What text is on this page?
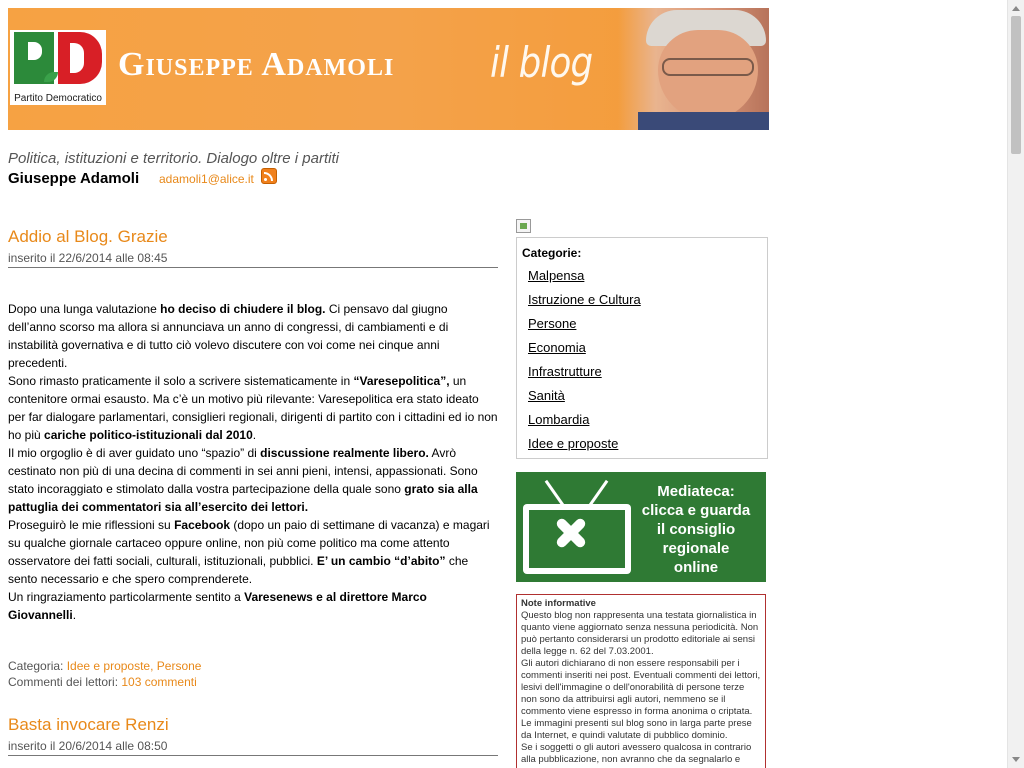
Partito Democratico
Giuseppe Adamoli il blog
Politica, istituzioni e territorio. Dialogo oltre i partiti
Giuseppe Adamoli adamoli1@alice.it
Addio al Blog. Grazie
inserito il 22/6/2014 alle 08:45
Dopo una lunga valutazione ho deciso di chiudere il blog. Ci pensavo dal giugno dell’anno scorso ma allora si annunciava un anno di congressi, di cambiamenti e di instabilità governativa e di tutto ciò volevo discutere con voi come nei cinque anni precedenti.
Sono rimasto praticamente il solo a scrivere sistematicamente in “Varesepolitica”, un contenitore ormai esausto. Ma c’è un motivo più rilevante: Varesepolitica era stato ideato per far dialogare parlamentari, consiglieri regionali, dirigenti di partito con i cittadini ed io non ho più cariche politico-istituzionali dal 2010.
Il mio orgoglio è di aver guidato uno “spazio” di discussione realmente libero. Avrò cestinato non più di una decina di commenti in sei anni pieni, intensi, appassionati. Sono stato incoraggiato e stimolato dalla vostra partecipazione della quale sono grato sia alla pattuglia dei commentatori sia all’esercito dei lettori.
Proseguirò le mie riflessioni su Facebook (dopo un paio di settimane di vacanza) e magari su qualche giornale cartaceo oppure online, non più come politico ma come attento osservatore dei fatti sociali, culturali, istituzionali, pubblici. E’ un cambio “d’abito” che sento necessario e che spero comprenderete.
Un ringraziamento particolarmente sentito a Varesenews e al direttore Marco Giovannelli.
Categoria: Idee e proposte, Persone
Commenti dei lettori: 103 commenti
Basta invocare Renzi
inserito il 20/6/2014 alle 08:50
Categorie:
Malpensa
Istruzione e Cultura
Persone
Economia
Infrastrutture
Sanità
Lombardia
Idee e proposte
Mediateca:
clicca e guarda
il consiglio
regionale
online
Note informative
Questo blog non rappresenta una testata giornalistica in quanto viene aggiornato senza nessuna periodicità. Non può pertanto considerarsi un prodotto editoriale ai sensi della legge n. 62 del 7.03.2001.
Gli autori dichiarano di non essere responsabili per i commenti inseriti nei post. Eventuali commenti dei lettori, lesivi dell'immagine o dell'onorabilità di persone terze non sono da attribuirsi agli autori, nemmeno se il commento viene espresso in forma anonima o criptata.
Le immagini presenti sul blog sono in larga parte prese da Internet, e quindi valutate di pubblico dominio.
Se i soggetti o gli autori avessero qualcosa in contrario alla pubblicazione, non avranno che da segnalarlo e
